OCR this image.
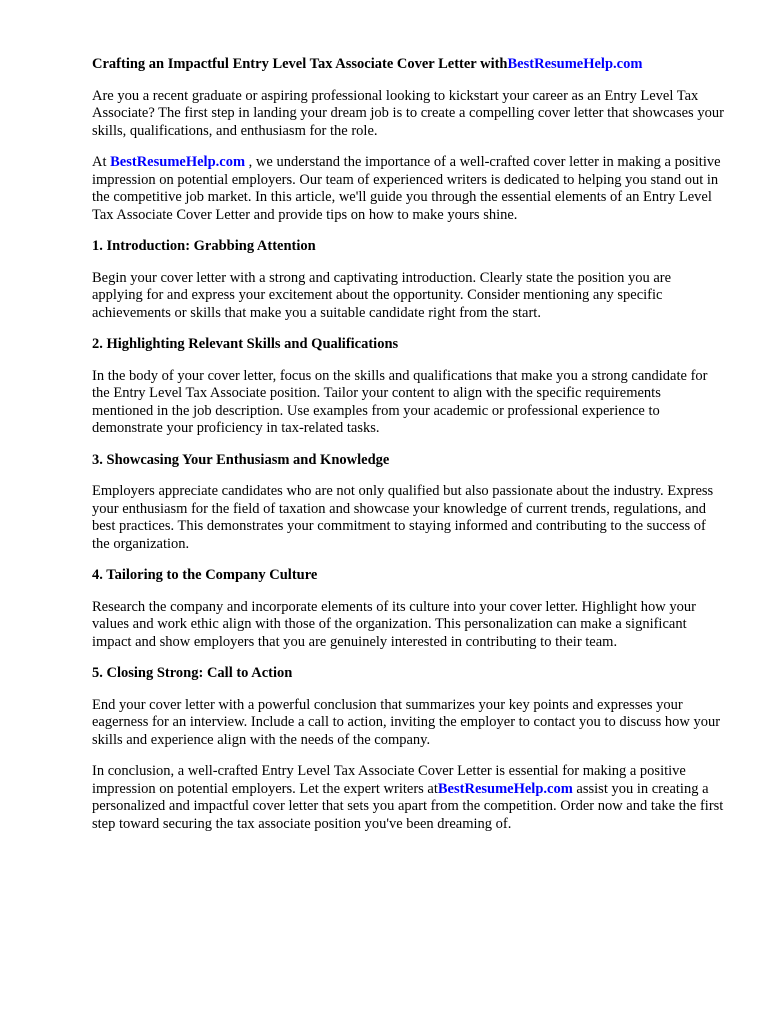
Crafting an Impactful Entry Level Tax Associate Cover Letter withBestResumeHelp.com

Are you a recent graduate or aspiring professional looking to kickstart your career as an Entry Level Tax Associate? The first step in landing your dream job is to create a compelling cover letter that showcases your skills, qualifications, and enthusiasm for the role.

At BestResumeHelp.com , we understand the importance of a well-crafted cover letter in making a positive impression on potential employers. Our team of experienced writers is dedicated to helping you stand out in the competitive job market. In this article, we'll guide you through the essential elements of an Entry Level Tax Associate Cover Letter and provide tips on how to make yours shine.

1. Introduction: Grabbing Attention

Begin your cover letter with a strong and captivating introduction. Clearly state the position you are applying for and express your excitement about the opportunity. Consider mentioning any specific achievements or skills that make you a suitable candidate right from the start.

2. Highlighting Relevant Skills and Qualifications

In the body of your cover letter, focus on the skills and qualifications that make you a strong candidate for the Entry Level Tax Associate position. Tailor your content to align with the specific requirements mentioned in the job description. Use examples from your academic or professional experience to demonstrate your proficiency in tax-related tasks.

3. Showcasing Your Enthusiasm and Knowledge

Employers appreciate candidates who are not only qualified but also passionate about the industry. Express your enthusiasm for the field of taxation and showcase your knowledge of current trends, regulations, and best practices. This demonstrates your commitment to staying informed and contributing to the success of the organization.

4. Tailoring to the Company Culture

Research the company and incorporate elements of its culture into your cover letter. Highlight how your values and work ethic align with those of the organization. This personalization can make a significant impact and show employers that you are genuinely interested in contributing to their team.

5. Closing Strong: Call to Action

End your cover letter with a powerful conclusion that summarizes your key points and expresses your eagerness for an interview. Include a call to action, inviting the employer to contact you to discuss how your skills and experience align with the needs of the company.

In conclusion, a well-crafted Entry Level Tax Associate Cover Letter is essential for making a positive impression on potential employers. Let the expert writers atBestResumeHelp.com assist you in creating a personalized and impactful cover letter that sets you apart from the competition. Order now and take the first step toward securing the tax associate position you've been dreaming of.
